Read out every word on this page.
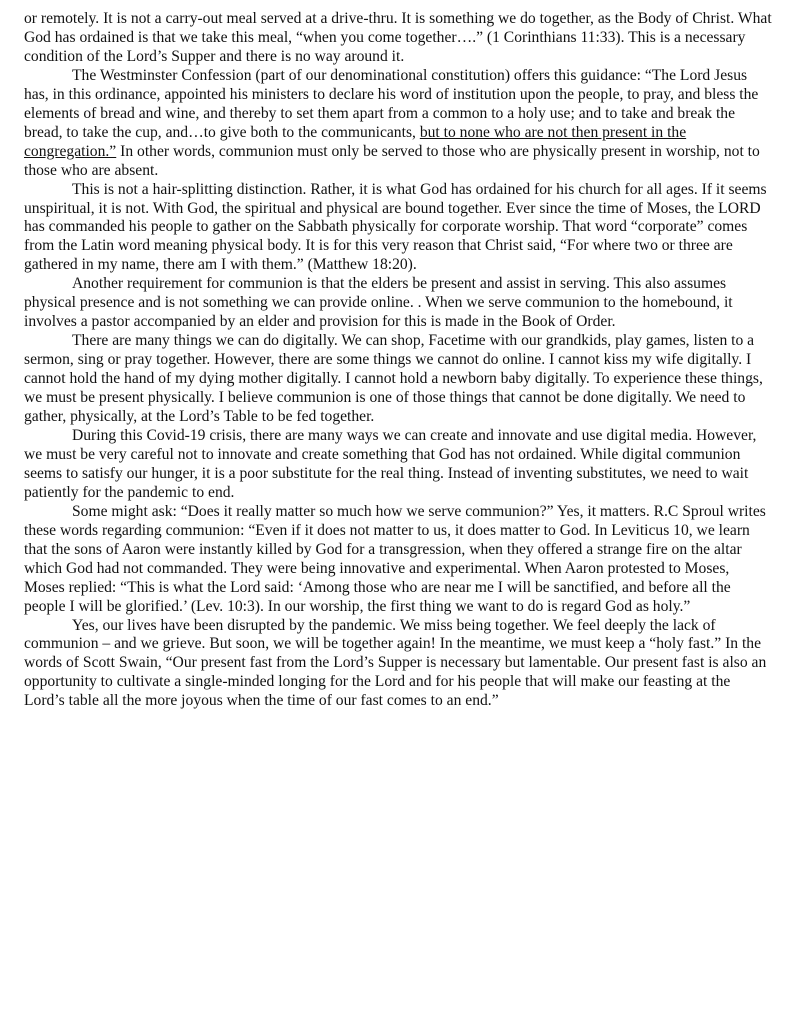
or remotely. It is not a carry-out meal served at a drive-thru. It is something we do together, as the Body of Christ. What God has ordained is that we take this meal, “when you come together….” (1 Corinthians 11:33). This is a necessary condition of the Lord’s Supper and there is no way around it.

The Westminster Confession (part of our denominational constitution) offers this guidance: “The Lord Jesus has, in this ordinance, appointed his ministers to declare his word of institution upon the people, to pray, and bless the elements of bread and wine, and thereby to set them apart from a common to a holy use; and to take and break the bread, to take the cup, and…to give both to the communicants, but to none who are not then present in the congregation.” In other words, communion must only be served to those who are physically present in worship, not to those who are absent.

This is not a hair-splitting distinction. Rather, it is what God has ordained for his church for all ages. If it seems unspiritual, it is not. With God, the spiritual and physical are bound together. Ever since the time of Moses, the LORD has commanded his people to gather on the Sabbath physically for corporate worship. That word “corporate” comes from the Latin word meaning physical body. It is for this very reason that Christ said, “For where two or three are gathered in my name, there am I with them.” (Matthew 18:20).

Another requirement for communion is that the elders be present and assist in serving. This also assumes physical presence and is not something we can provide online. . When we serve communion to the homebound, it involves a pastor accompanied by an elder and provision for this is made in the Book of Order.

There are many things we can do digitally. We can shop, Facetime with our grandkids, play games, listen to a sermon, sing or pray together. However, there are some things we cannot do online. I cannot kiss my wife digitally. I cannot hold the hand of my dying mother digitally. I cannot hold a newborn baby digitally. To experience these things, we must be present physically. I believe communion is one of those things that cannot be done digitally. We need to gather, physically, at the Lord’s Table to be fed together.

During this Covid-19 crisis, there are many ways we can create and innovate and use digital media. However, we must be very careful not to innovate and create something that God has not ordained. While digital communion seems to satisfy our hunger, it is a poor substitute for the real thing. Instead of inventing substitutes, we need to wait patiently for the pandemic to end.

Some might ask: “Does it really matter so much how we serve communion?” Yes, it matters. R.C Sproul writes these words regarding communion: “Even if it does not matter to us, it does matter to God. In Leviticus 10, we learn that the sons of Aaron were instantly killed by God for a transgression, when they offered a strange fire on the altar which God had not commanded. They were being innovative and experimental. When Aaron protested to Moses, Moses replied: “This is what the Lord said: ‘Among those who are near me I will be sanctified, and before all the people I will be glorified.’ (Lev. 10:3). In our worship, the first thing we want to do is regard God as holy.”

Yes, our lives have been disrupted by the pandemic. We miss being together. We feel deeply the lack of communion – and we grieve. But soon, we will be together again! In the meantime, we must keep a “holy fast.” In the words of Scott Swain, “Our present fast from the Lord’s Supper is necessary but lamentable. Our present fast is also an opportunity to cultivate a single-minded longing for the Lord and for his people that will make our feasting at the Lord’s table all the more joyous when the time of our fast comes to an end.”
